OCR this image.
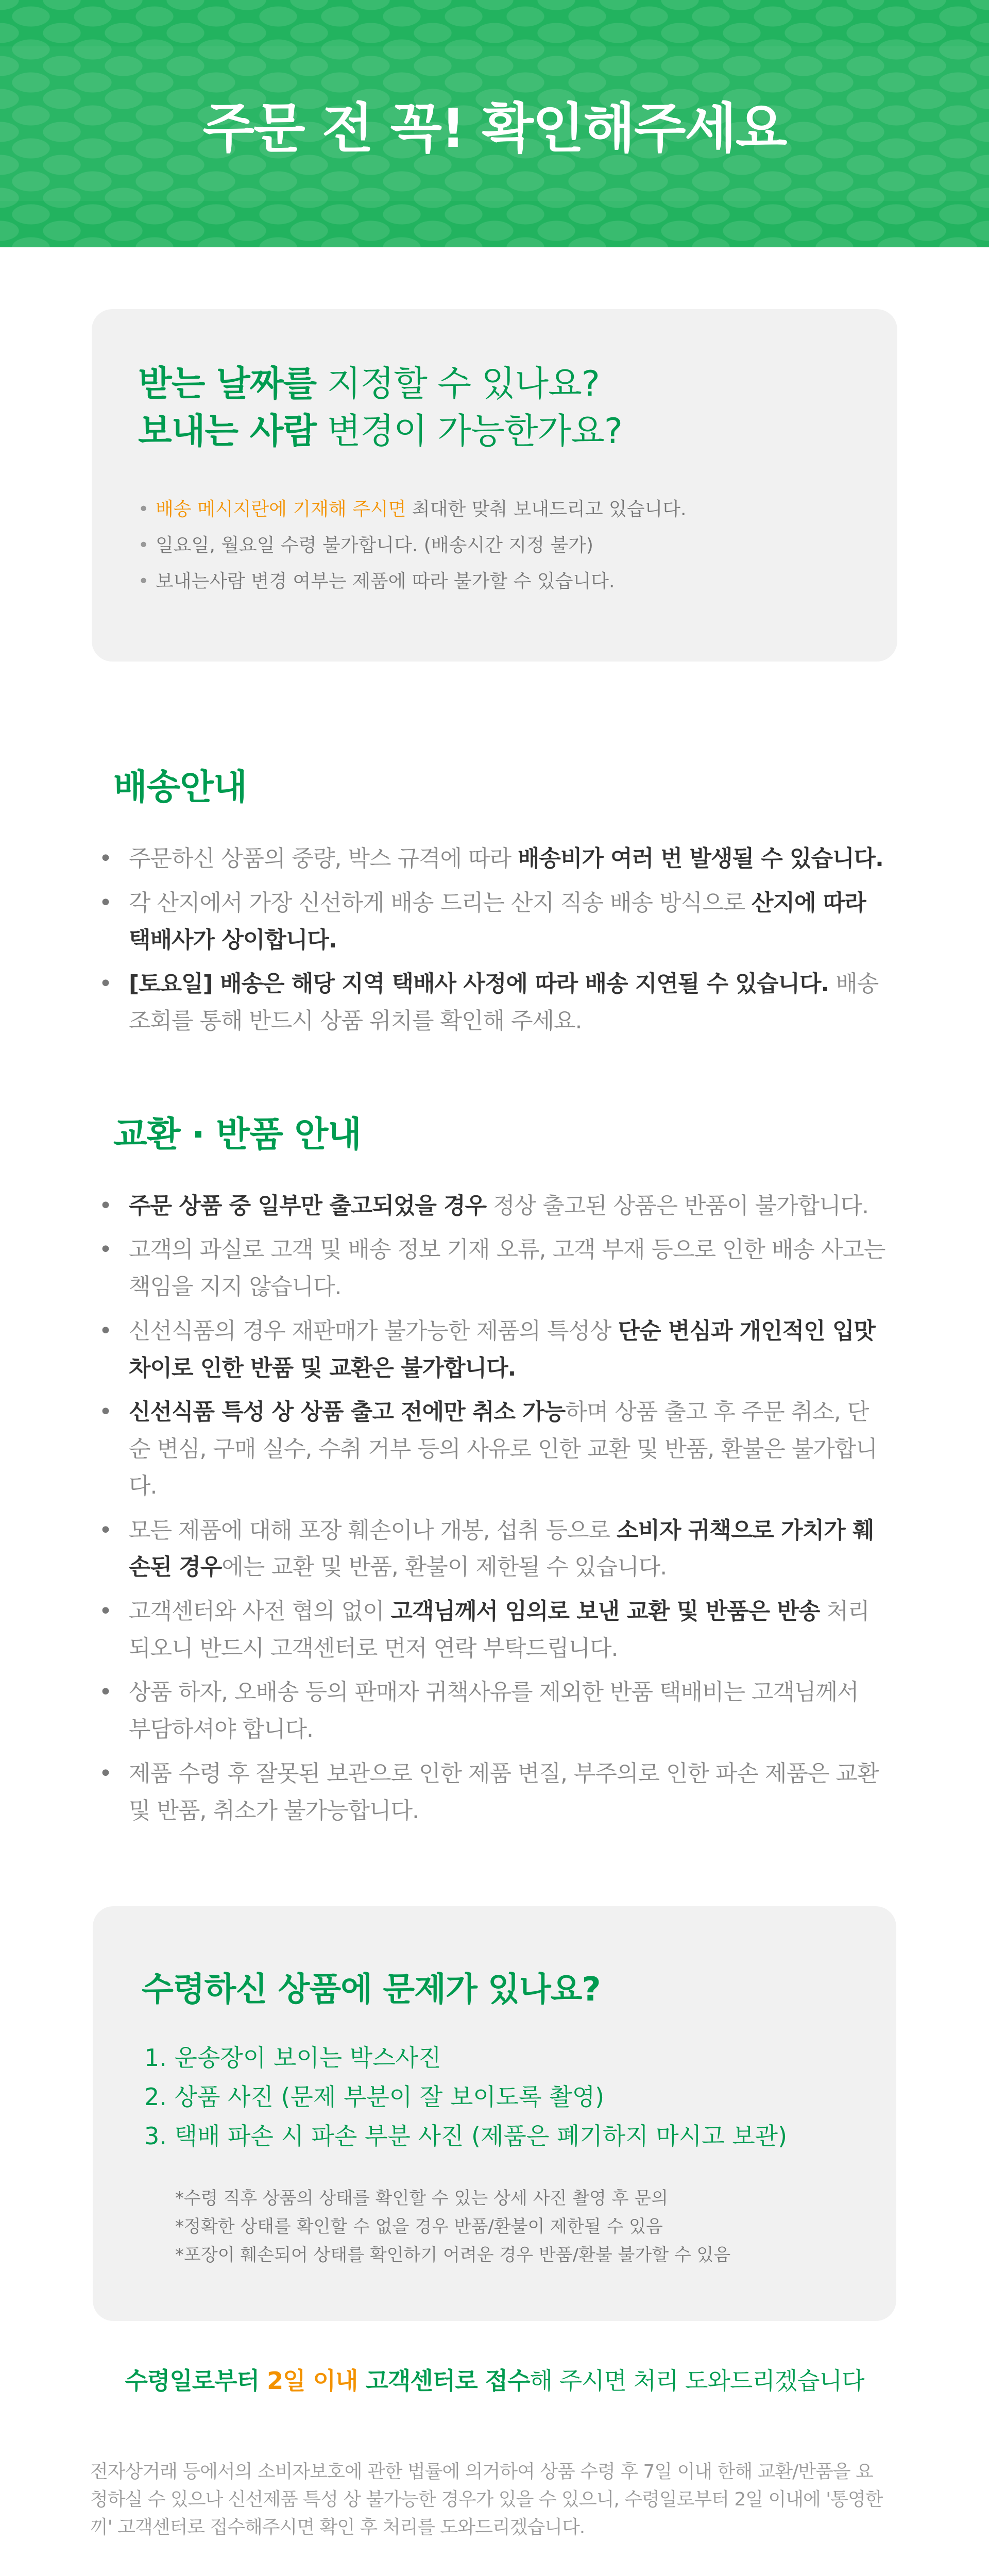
주문 전 꼭! 확인해주세요
받는 날짜를 지정할 수 있나요?
보내는 사람 변경이 가능한가요?
• 배송 메시지란에 기재해 주시면 최대한 맞춰 보내드리고 있습니다.
• 일요일, 월요일 수령 불가합니다. (배송시간 지정 불가)
• 보내는사람 변경 여부는 제품에 따라 불가할 수 있습니다.
배송안내
• 주문하신 상품의 중량, 박스 규격에 따라 배송비가 여러 번 발생될 수 있습니다.
• 각 산지에서 가장 신선하게 배송 드리는 산지 직송 배송 방식으로 산지에 따라 택배사가 상이합니다.
• [토요일] 배송은 해당 지역 택배사 사정에 따라 배송 지연될 수 있습니다. 배송조회를 통해 반드시 상품 위치를 확인해 주세요.
교환 · 반품 안내
• 주문 상품 중 일부만 출고되었을 경우 정상 출고된 상품은 반품이 불가합니다.
• 고객의 과실로 고객 및 배송 정보 기재 오류, 고객 부재 등으로 인한 배송 사고는 책임을 지지 않습니다.
• 신선식품의 경우 재판매가 불가능한 제품의 특성상 단순 변심과 개인적인 입맛 차이로 인한 반품 및 교환은 불가합니다.
• 신선식품 특성 상 상품 출고 전에만 취소 가능하며 상품 출고 후 주문 취소, 단순 변심, 구매 실수, 수취 거부 등의 사유로 인한 교환 및 반품, 환불은 불가합니다.
• 모든 제품에 대해 포장 훼손이나 개봉, 섭취 등으로 소비자 귀책으로 가치가 훼손된 경우에는 교환 및 반품, 환불이 제한될 수 있습니다.
• 고객센터와 사전 협의 없이 고객님께서 임의로 보낸 교환 및 반품은 반송 처리되오니 반드시 고객센터로 먼저 연락 부탁드립니다.
• 상품 하자, 오배송 등의 판매자 귀책사유를 제외한 반품 택배비는 고객님께서 부담하셔야 합니다.
• 제품 수령 후 잘못된 보관으로 인한 제품 변질, 부주의로 인한 파손 제품은 교환 및 반품, 취소가 불가능합니다.
수령하신 상품에 문제가 있나요?
1. 운송장이 보이는 박스사진
2. 상품 사진 (문제 부분이 잘 보이도록 촬영)
3. 택배 파손 시 파손 부분 사진 (제품은 폐기하지 마시고 보관)

*수령 직후 상품의 상태를 확인할 수 있는 상세 사진 촬영 후 문의

*정확한 상태를 확인할 수 없을 경우 반품/환불이 제한될 수 있음

*포장이 훼손되어 상태를 확인하기 어려운 경우 반품/환불 불가할 수 있음

수령일로부터 2일 이내 고객센터로 접수해 주시면 처리 도와드리겠습니다

전자상거래 등에서의 소비자보호에 관한 법률에 의거하여 상품 수령 후 7일 이내 한해 교환/반품을 요청하실 수 있으나 신선제품 특성 상 불가능한 경우가 있을 수 있으니, 수령일로부터 2일 이내에 '통영한끼' 고객센터로 접수해주시면 확인 후 처리를 도와드리겠습니다.
